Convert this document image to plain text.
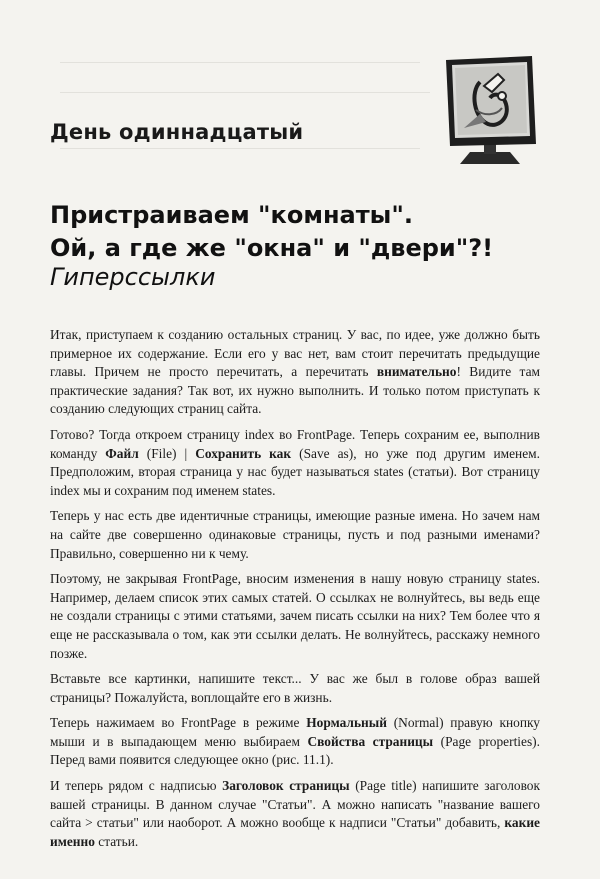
День одиннадцатый
Пристраиваем "комнаты".
Ой, а где же "окна" и "двери"?!
Гиперссылки

Итак, приступаем к созданию остальных страниц. У вас, по идее, уже должно быть примерное их содержание. Если его у вас нет, вам стоит перечитать предыдущие главы. Причем не просто перечитать, а перечитать внимательно! Видите там практические задания? Так вот, их нужно выполнить. И только потом приступать к созданию следующих страниц сайта.

Готово? Тогда откроем страницу index во FrontPage. Теперь сохраним ее, выполнив команду Файл (File) | Сохранить как (Save as), но уже под другим именем. Предположим, вторая страница у нас будет называться states (статьи). Вот страницу index мы и сохраним под именем states.

Теперь у нас есть две идентичные страницы, имеющие разные имена. Но зачем нам на сайте две совершенно одинаковые страницы, пусть и под разными именами? Правильно, совершенно ни к чему.

Поэтому, не закрывая FrontPage, вносим изменения в нашу новую страницу states. Например, делаем список этих самых статей. О ссылках не волнуйтесь, вы ведь еще не создали страницы с этими статьями, зачем писать ссылки на них? Тем более что я еще не рассказывала о том, как эти ссылки делать. Не волнуйтесь, расскажу немного позже.

Вставьте все картинки, напишите текст... У вас же был в голове образ вашей страницы? Пожалуйста, воплощайте его в жизнь.

Теперь нажимаем во FrontPage в режиме Нормальный (Normal) правую кнопку мыши и в выпадающем меню выбираем Свойства страницы (Page properties). Перед вами появится следующее окно (рис. 11.1).

И теперь рядом с надписью Заголовок страницы (Page title) напишите заголовок вашей страницы. В данном случае "Статьи". А можно написать "название вашего сайта > статьи" или наоборот. А можно вообще к надписи "Статьи" добавить, какие именно статьи.
